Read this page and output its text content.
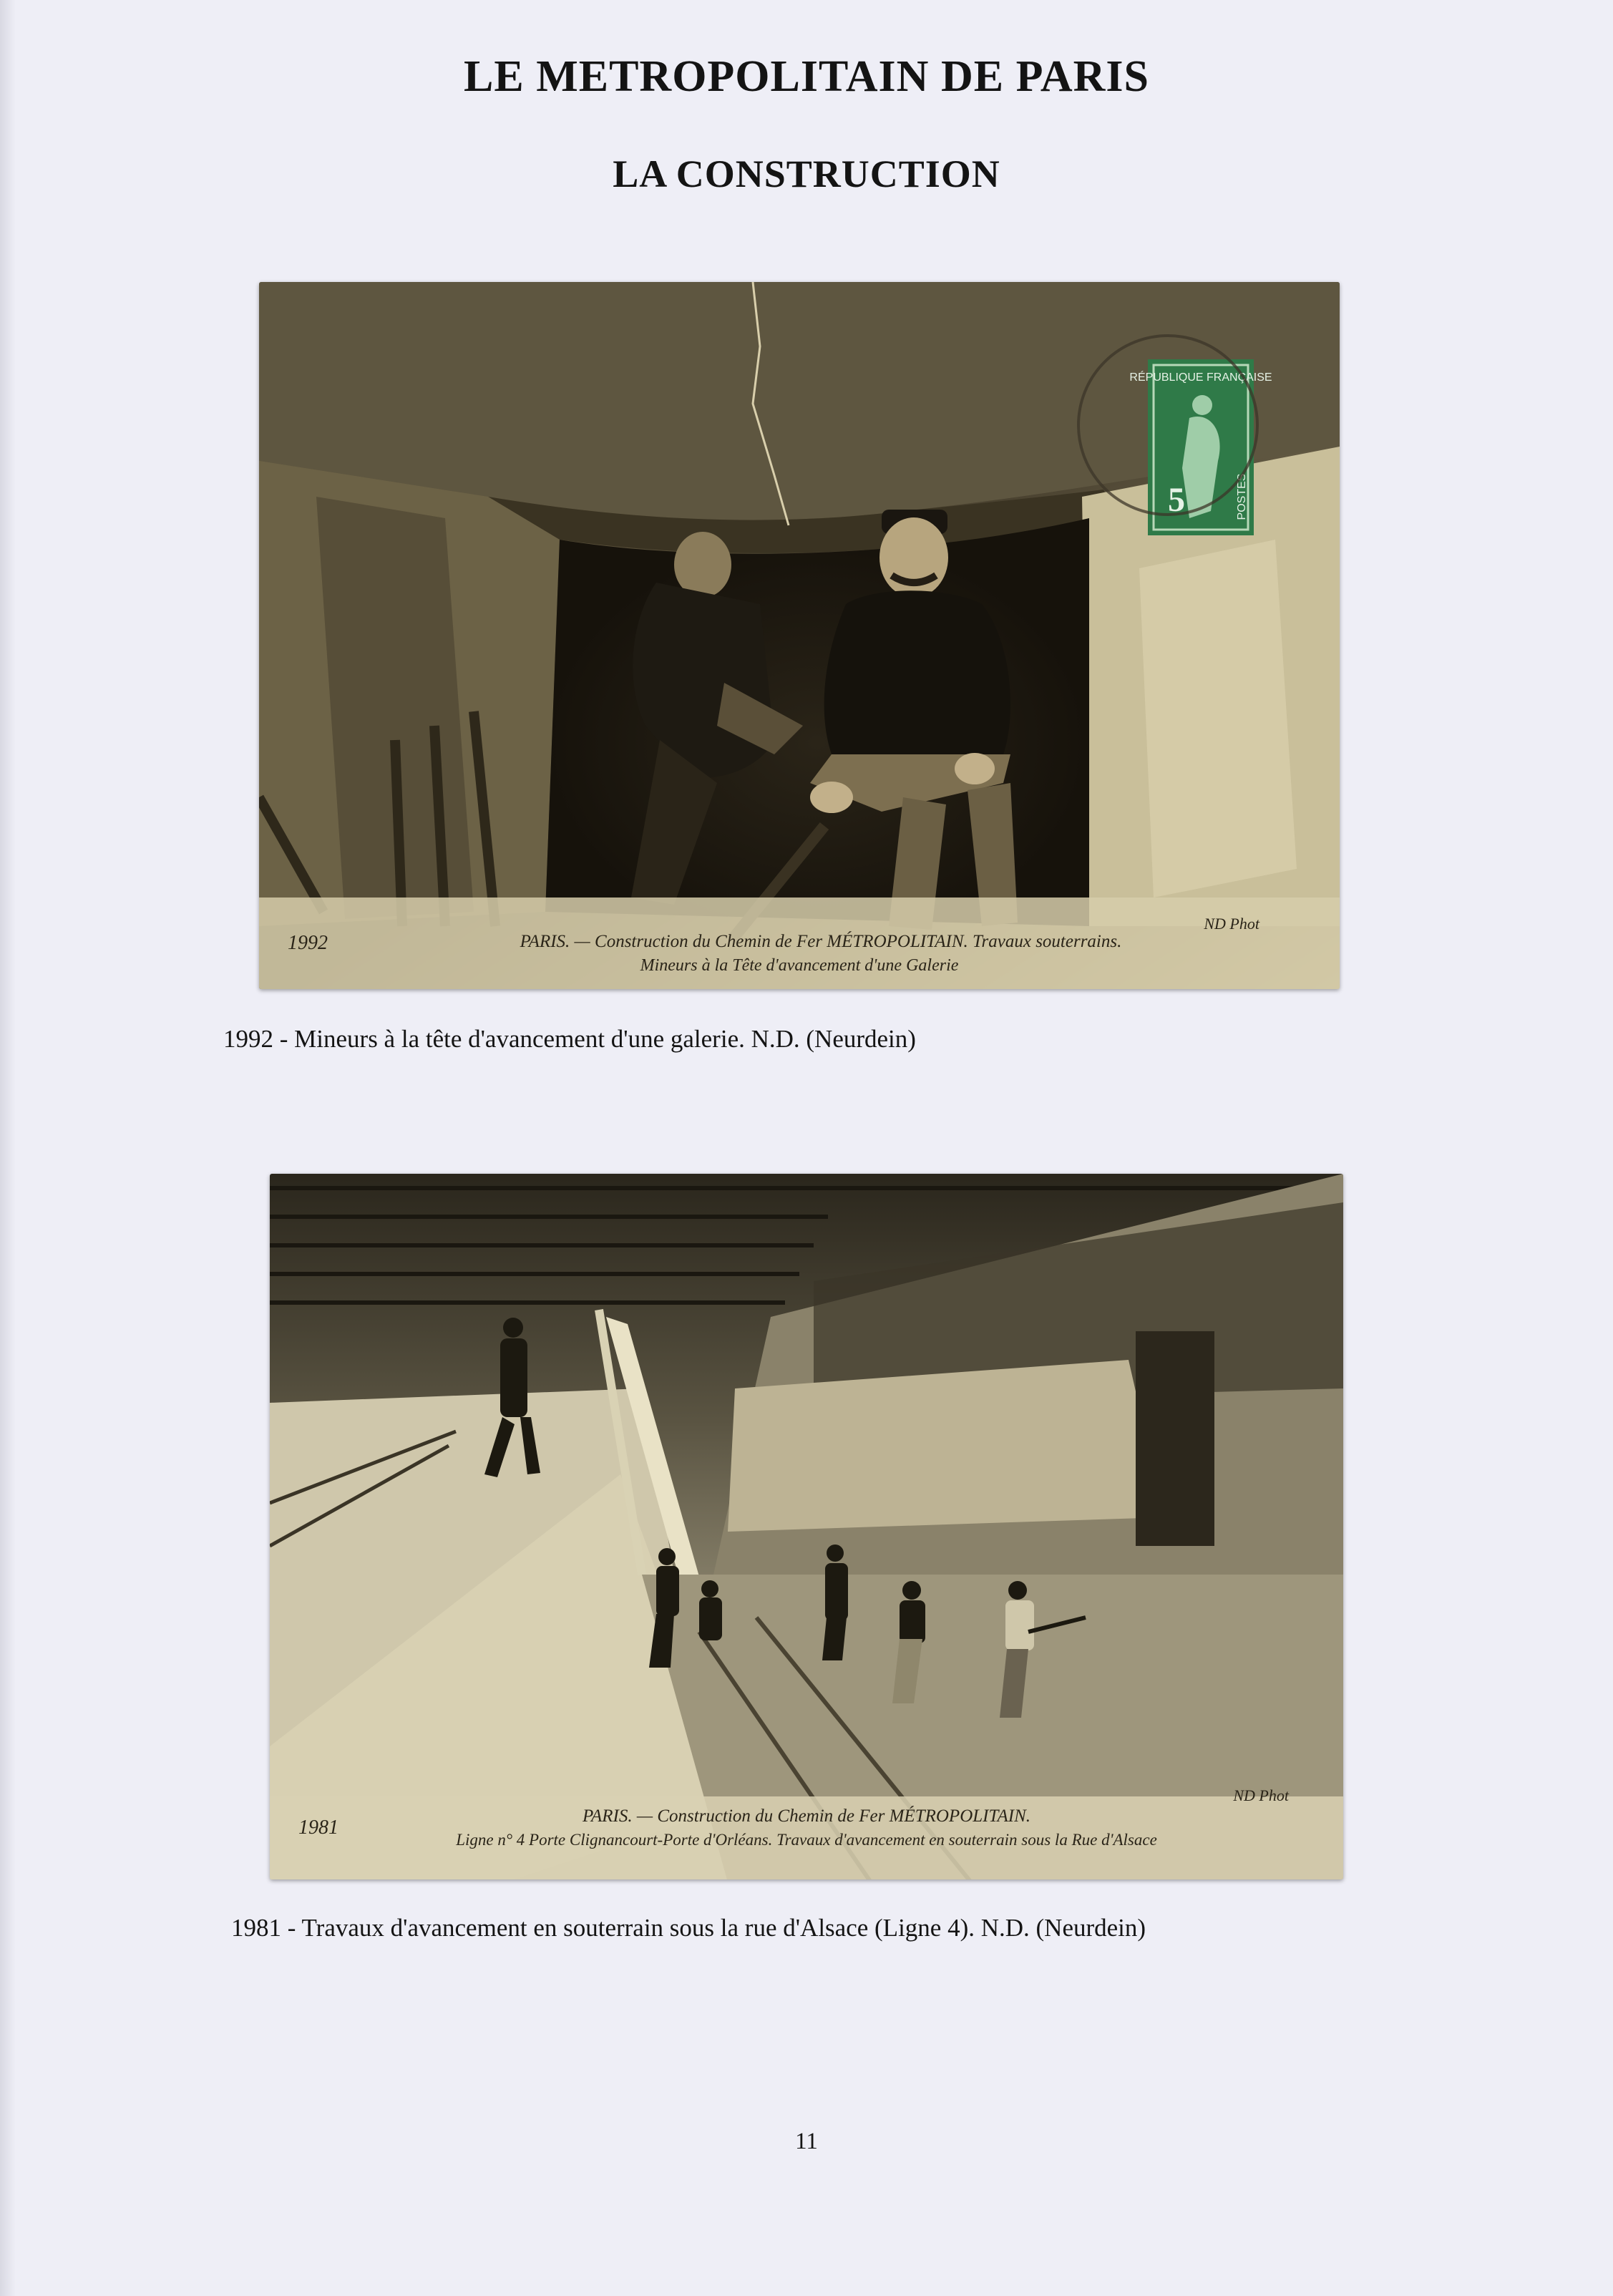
LE METROPOLITAIN DE PARIS
LA CONSTRUCTION
RÉPUBLIQUE FRANÇAISE
5	POSTES
1992
ND Phot
PARIS. — Construction du Chemin de Fer MÉTROPOLITAIN. Travaux souterrains.
Mineurs à la Tête d'avancement d'une Galerie

1992 - Mineurs à la tête d'avancement d'une galerie. N.D. (Neurdein)

1981
ND Phot
PARIS. — Construction du Chemin de Fer MÉTROPOLITAIN.
Ligne n° 4 Porte Clignancourt-Porte d'Orléans. Travaux d'avancement en souterrain sous la Rue d'Alsace

1981 - Travaux d'avancement en souterrain sous la rue d'Alsace (Ligne 4). N.D. (Neurdein)

11
